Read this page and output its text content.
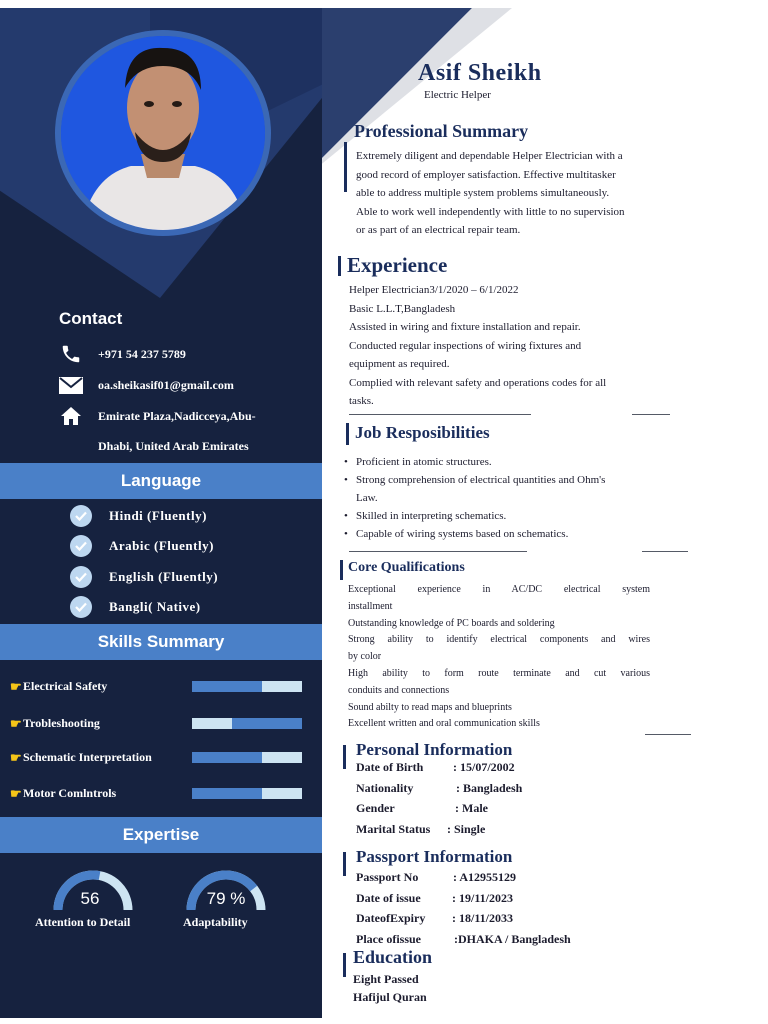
Contact
+971 54 237 5789
oa.sheikasif01@gmail.com
Emirate Plaza,Nadicceya,Abu-
Dhabi, United Arab Emirates
Language
Hindi (Fluently)
Arabic (Fluently)
English (Fluently)
Bangli( Native)
Skills Summary
☛ Electrical Safety
☛ Trobleshooting
☛ Schematic Interpretation
☛ Motor Comlntrols
Expertise
56
Attention to Detail
79 %
Adaptability
Asif Sheikh
Electric Helper
Professional Summary
Extremely diligent and dependable Helper Electrician with a
good record of employer satisfaction. Effective multitasker
able to address multiple system problems simultaneously.
Able to work well independently with little to no supervision
or as part of an electrical repair team.
Experience
Helper Electrician3/1/2020 – 6/1/2022
Basic L.L.T,Bangladesh
Assisted in wiring and fixture installation and repair.
Conducted regular inspections of wiring fixtures and
equipment as required.
Complied with relevant safety and operations codes for all
tasks.
Job Resposibilities
• Proficient in atomic structures.
• Strong comprehension of electrical quantities and Ohm's
Law.
• Skilled in interpreting schematics.
• Capable of wiring systems based on schematics.
Core Qualifications
Exceptional experience in AC/DC electrical system
installment
Outstanding knowledge of PC boards and soldering
Strong ability to identify electrical components and wires
by color
High ability to form route terminate and cut various
conduits and connections
Sound abilty to read maps and blueprints
Excellent written and oral communication skills
Personal Information
Date of Birth : 15/07/2002
Nationality	: Bangladesh
Gender	: Male
Marital Status : Single
Passport Information
Passport No	: A12955129
Date of issue	: 19/11/2023
DateofExpiry : 18/11/2033
Place ofissue	:DHAKA / Bangladesh
Education
Eight Passed
Hafijul Quran
